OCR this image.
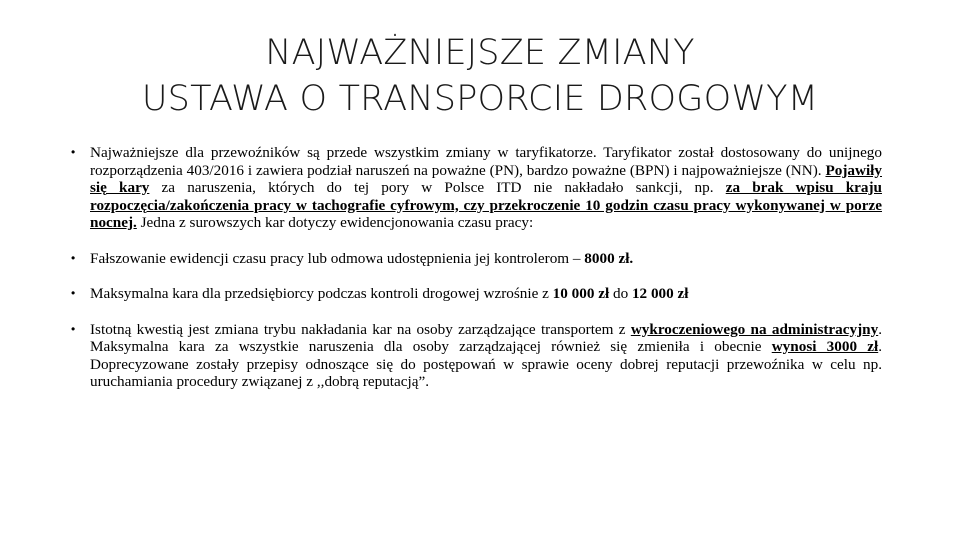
NAJWAŻNIEJSZE ZMIANY
USTAWA O TRANSPORCIE DROGOWYM

• Najważniejsze dla przewoźników są przede wszystkim zmiany w taryfikatorze. Taryfikator został dostosowany do unijnego rozporządzenia 403/2016 i zawiera podział naruszeń na poważne (PN), bardzo poważne (BPN) i najpoważniejsze (NN). Pojawiły się kary za naruszenia, których do tej pory w Polsce ITD nie nakładało sankcji, np. za brak wpisu kraju rozpoczęcia/zakończenia pracy w tachografie cyfrowym, czy przekroczenie 10 godzin czasu pracy wykonywanej w porze nocnej. Jedna z surowszych kar dotyczy ewidencjonowania czasu pracy:

• Fałszowanie ewidencji czasu pracy lub odmowa udostępnienia jej kontrolerom – 8000 zł.

• Maksymalna kara dla przedsiębiorcy podczas kontroli drogowej wzrośnie z 10 000 zł do 12 000 zł

• Istotną kwestią jest zmiana trybu nakładania kar na osoby zarządzające transportem z wykroczeniowego na administracyjny. Maksymalna kara za wszystkie naruszenia dla osoby zarządzającej również się zmieniła i obecnie wynosi 3000 zł. Doprecyzowane zostały przepisy odnoszące się do postępowań w sprawie oceny dobrej reputacji przewoźnika w celu np. uruchamiania procedury związanej z ,,dobrą reputacją”.
